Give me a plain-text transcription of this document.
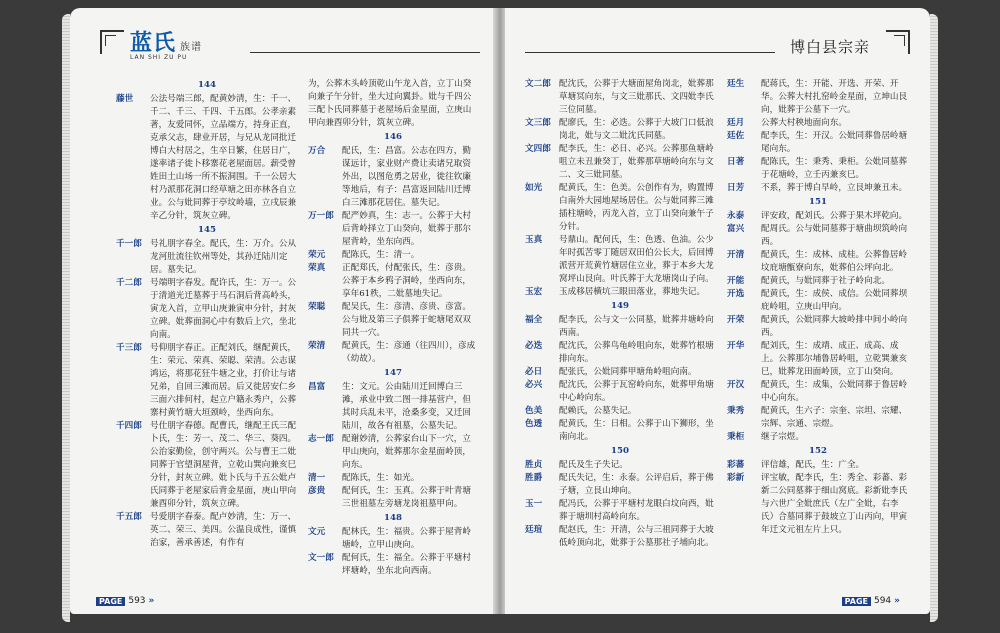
蓝氏 族谱
LAN SHI ZU PU
144
藤世	公法号端三郎，配黄妙清，生：千一、千二、千三、千四、千五郎。公孝亲素著，友爱同怀，立品端方，持身正直，克承父志，肆业开居，与兄从龙同批迁博白大村居之，生卒日繁，住居日广，遂率诸子徙卜移寨花老屋面居。薪受曾姓田土山场一所不振洞围。千一公居大村乃派那花洞口经草塘之田亦林各自立业。公与妣同葬于亭坟岭墙，立戌辰兼辛乙分针，筑灰立碑。
145
千一郎 号礼朋字春全。配氏，生：万介。公从龙河肚流往钦州等处，其孙迁陆川定居。墓失记。
千二郎 号端明字春发。配许氏，生：万一。公于清道光迁墓葬于马石洞后背高岭头，寅龙入首，立甲山庚兼寅申分针，封灰立碑。妣葬面洞心中有数后上穴，坐北向南。
千三郎 号仰朋字春正。正配刘氏，继配黄氏，生：荣元、荣真、荣聪、荣清。公志谋鸿运，将那花狂牛塘之业，打价让与诸兄弟，自回三滩而居。后又徙居安仁乡三面六排何村，起立户籍永秀户，公葬寨村黄竹塘大垣颈岭，坐西向东。
千四郎 号仕朋字春德。配曹氏，继配王氏三配卜氏，生：芳一、茂二、华三、葵四。公治家勤俭，创守两兴。公与曹王二妣同葬于官望洞屋背，立乾山巽向兼亥巳分针，封灰立碑。妣卜氏与千五公妣卢氏同葬于老屋家后背金星面，庚山甲向兼酉卯分针，筑灰立碑。
千五郎 号爱朋字春泰。配卢妙清，生：万一、英二、荣三、美四。公温良成性，谨慎治家，善承善述，有作有
为，公葬木头岭顶乾山午龙入首，立丁山癸向兼子午分针，坐大过向翼卦。妣与千四公三配卜氏同葬墓于老屋场后金星面，立庚山甲向兼酉卯分针，筑灰立碑。
146
万合	配氏，生：昌富。公志在四方，勤谋远计，家业财产费让卖诸兄取资外出，以图危勇之居业，徙往钦廉等地后，有子：昌富返回陆川迁博白三滩那花居住。墓失记。
万一郎 配严妙真，生：志一。公葬于大村后背岭择立丁山癸向，妣葬于那尔屋背岭，坐东向西。
荣元	配陈氏，生：清一。
荣真	正配郑氏，付配张氏，生：彦贵。公葬于本乡鸦子洞岭，坐西向东，享年61秩，二妣墓地失记。
荣聪	配吴氏，生：彦清、彦贵、彦富。公与妣及第三子俱葬于蛇塘尾双双同共一穴。
荣清	配黄氏，生：彦通（往四川），彦成（幼故）。
147
昌富	生：文元。公由陆川迁回博白三滩，承业中致二图一排基营户，但其时兵乱未平，沧桑多变，又迁回陆川，故各有祖墓，公墓失记。
志一郎 配谢妙清，公葬家台山下一穴，立甲山庚向，妣葬那尔金星面岭顶，向东。
清一	配陈氏，生：如光。
彦贵	配何氏，生：玉真。公葬于叶青塘三世祖墓左旁塘龙岗祖墓甲向。
148
文元	配林氏，生：福贵。公葬于屋背岭塘岭，立甲山庚向。
文一郎 配何氏，生：福全。公葬于平塘村坪塘岭，坐东北向西南。
PAGE 593 »
博白县宗亲
文二郎 配沈氏，公葬于大塘面屋角岗北，妣葬那草塘冥向东，与文三妣那氏、文四妣李氏三位同墓。
文三郎 配廖氏，生：必迭。公葬于大坡门口低浪岗北，妣与文二妣沈氏同墓。
文四郎 配李氏，生：必日、必兴。公葬那鱼塘岭咀立未丑兼癸丁，妣葬那草塘岭向东与文二、文三妣同墓。
如光	配黄氏，生：色美。公创作有为，购置博白南外大园地屋场居住。公与妣同葬三滩插柱塘岭，丙龙入首，立丁山癸向兼午子分针。
玉真	号鼎山。配何氏，生：色透、色油。公少年时孤苦零丁随居双田伯公长大，后回博派营开荒黄竹塘居住立业，葬于本乡大龙窝坪山艮向。叶氏葬于大龙塘岗山子向。
玉宏	玉成移居横坑三眼田落业，葬地失记。
149
福全	配李氏，公与文一公同墓，妣葬井塘岭向西南。
必迭	配沈氏，公葬鸟龟岭咀向东，妣葬竹根塘排向东。
必日	配张氏，公妣同葬甲塘角岭咀向南。
必兴	配沈氏，公葬于瓦窑岭向东，妣葬甲角塘中心岭向东。
色美	配赖氏，公墓失记。
色透	配黄氏，生：日相。公葬于山下狮形，坐南向北。
150
胜贞	配氏及生子失记。
胜爵	配氏失记，生：永泰。公评启后，葬于佛子塘，立艮山坤向。
玉一	配冯氏，公葬于平塘村龙眼白坟向西，妣葬于塘圳村高岭向东。
廷瑄	配赵氏，生：开清，公与三祖同葬于大坡低岭顶向北，妣葬于公墓那社子埔向北。
廷生	配蒋氏，生：开能、开选、开荣、开华。公葬大村扎窑岭金星面，立坤山艮向，妣葬于公墓下一穴。
廷月	公葬大村秧地面向东。
廷佐	配李氏，生：开汉。公妣同葬鲁居岭塘尾向东。
日著	配陈氏，生：秉秀、秉柜。公妣同墓葬于花塘岭，立壬丙兼亥巳。
日芳	不系，葬于博白早岭，立艮坤兼丑未。
151
永泰	评安政，配刘氏。公葬于果木坪乾向。
富兴	配周氏。公与妣同墓葬于塘曲坝筑岭向西。
开清	配黄氏，生：成林、成桂。公葬鲁居岭坟庇塘甑寮向东，妣葬伯公坪向北。
开能	配黄氏，与妣同葬于社子岭向北。
开选	配黄氏，生：成侯、成信。公妣同葬坝庇岭咀，立庚山甲向。
开荣	配黄氏，公妣同葬大坡岭排中间小岭向西。
开华	配刘氏，生：成靖、成正、成高、成上。公葬那尔埔鲁居岭咀，立乾巽兼亥巳，妣葬龙田面岭顶，立丁山癸向。
开汉	配黄氏，生：成集，公妣同葬于鲁居岭中心向东。
秉秀	配黄氏，生六子：宗奎、宗坦、宗耀、宗辉、宗通、宗煜。
秉柜	继子宗煜。
152
彩蕃	评信雄，配氏，生：广全。
彩新	评宝敏，配李氏，生：秀全、彩蕃、彩新二公同墓葬于细山窝底。彩新妣李氏与六世广全妣庶氏（左广全妣，右李氏）合墓同葬于鼓坡立丁山丙向，甲寅年迁文元祖左片上只。
PAGE 594 »
